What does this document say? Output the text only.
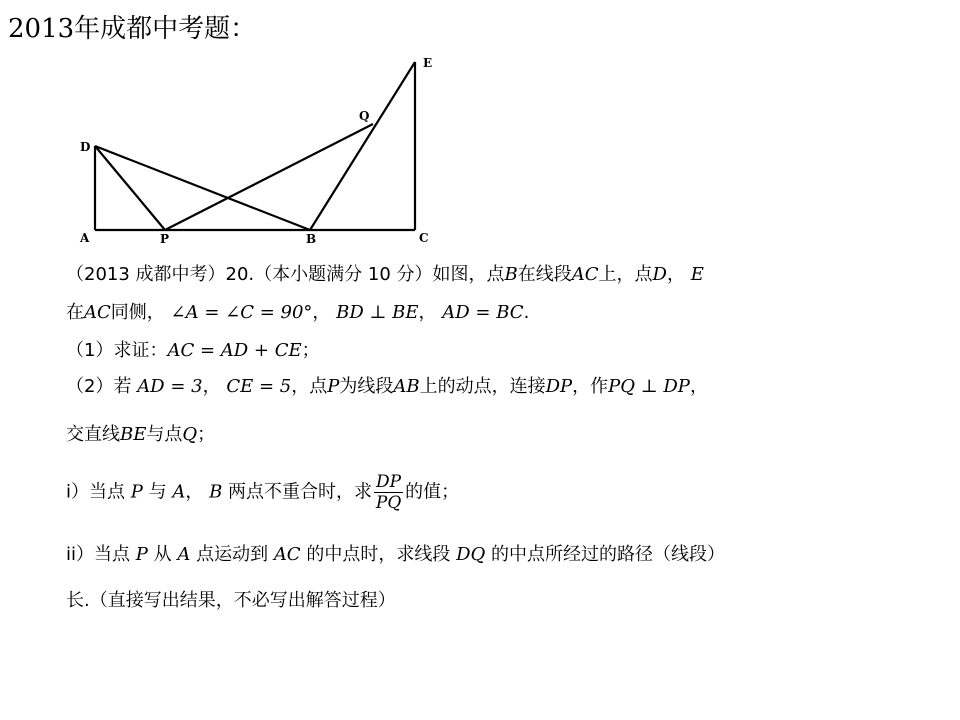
2013年成都中考题：
A	P	B	C
D
E
Q
（2013 成都中考）20.（本小题满分 10 分）如图，点B在线段AC上，点D， E
在AC同侧， ∠A = ∠C = 90°， BD ⊥ BE， AD = BC.
（1）求证：AC = AD + CE；
（2）若 AD = 3， CE = 5，点P为线段AB上的动点，连接DP，作PQ ⊥ DP，
交直线BE与点Q；
i）当点 P 与 A， B 两点不重合时，求 $\frac{DP}{PQ}$ 的值；
ii）当点 P 从 A 点运动到 AC 的中点时，求线段 DQ 的中点所经过的路径（线段）
长.（直接写出结果，不必写出解答过程）
